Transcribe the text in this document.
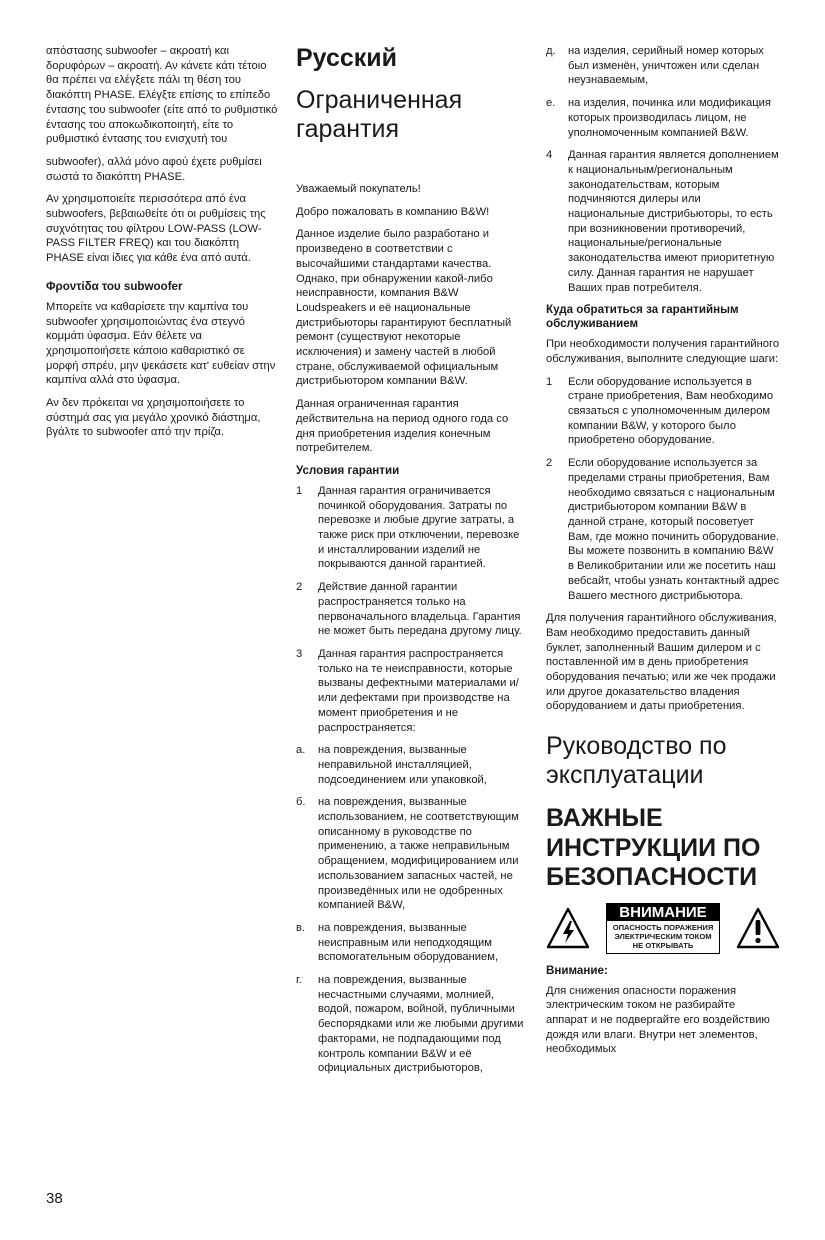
απόστασης subwoofer – ακροατή και δορυφόρων – ακροατή. Αν κάνετε κάτι τέτοιο θα πρέπει να ελέγξετε πάλι τη θέση του διακόπτη PHASE. Ελέγξτε επίσης το επίπεδο έντασης του subwoofer (είτε από το ρυθμιστικό έντασης του αποκωδικοποιητή, είτε το ρυθμιστικό έντασης του ενισχυτή του

subwoofer), αλλά μόνο αφού έχετε ρυθμίσει σωστά το διακόπτη PHASE.

Αν χρησιμοποιείτε περισσότερα από ένα subwoofers, βεβαιωθείτε ότι οι ρυθμίσεις της συχνότητας του φίλτρου LOW-PASS (LOW-PASS FILTER FREQ) και του διακόπτη PHASE είναι ίδιες για κάθε ένα από αυτά.

Φροντίδα του subwoofer

Μπορείτε να καθαρίσετε την καμπίνα του subwoofer χρησιμοποιώντας ένα στεγνό κομμάτι ύφασμα. Εάν θέλετε να χρησιμοποιήσετε κάποιο καθαριστικό σε μορφή σπρέυ, μην ψεκάσετε κατ' ευθείαν στην καμπίνα αλλά στο ύφασμα.

Αν δεν πρόκειται να χρησιμοποιήσετε το σύστημά σας για μεγάλο χρονικό διάστημα, βγάλτε το subwoofer από την πρίζα.

Русский
Ограниченная гарантия

Уважаемый покупатель!

Добро пожаловать в компанию B&W!

Данное изделие было разработано и произведено в соответствии с высочайшими стандартами качества. Однако, при обнаружении какой-либо неисправности, компания B&W Loudspeakers и её национальные дистрибьюторы гарантируют бесплатный ремонт (существуют некоторые исключения) и замену частей в любой стране, обслуживаемой официальным дистрибьютором компании B&W.

Данная ограниченная гарантия действительна на период одного года со дня приобретения изделия конечным потребителем.

Условия гарантии
1	Данная гарантия ограничивается починкой оборудования. Затраты по перевозке и любые другие затраты, а также риск при отключении, перевозке и инсталлировании изделий не покрываются данной гарантией.
2	Действие данной гарантии распространяется только на первоначального владельца. Гарантия не может быть передана другому лицу.
3	Данная гарантия распространяется только на те неисправности, которые вызваны дефектными материалами и/или дефектами при производстве на момент приобретения и не распространяется:
a.	на повреждения, вызванные неправильной инсталляцией, подсоединением или упаковкой,
б.	на повреждения, вызванные использованием, не соответствующим описанному в руководстве по применению, а также неправильным обращением, модифицированием или использованием запасных частей, не произведённых или не одобренных компанией B&W,
в.	на повреждения, вызванные неисправным или неподходящим вспомогательным оборудованием,
г.	на повреждения, вызванные несчастными случаями, молнией, водой, пожаром, войной, публичными беспорядками или же любыми другими факторами, не подпадающими под контроль компании B&W и её официальных дистрибьюторов,
д.	на изделия, серийный номер которых был изменён, уничтожен или сделан неузнаваемым,
е.	на изделия, починка или модификация которых производилась лицом, не уполномоченным компанией B&W.
4	Данная гарантия является дополнением к национальным/региональным законодательствам, которым подчиняются дилеры или национальные дистрибьюторы, то есть при возникновении противоречий, национальные/региональные законодательства имеют приоритетную силу. Данная гарантия не нарушает Ваших прав потребителя.
Куда обратиться за гарантийным обслуживанием

При необходимости получения гарантийного обслуживания, выполните следующие шаги:

1	Если оборудование используется в стране приобретения, Вам необходимо связаться с уполномоченным дилером компании B&W, у которого было приобретено оборудование.
2	Если оборудование используется за пределами страны приобретения, Вам необходимо связаться с национальным дистрибьютором компании B&W в данной стране, который посоветует Вам, где можно починить оборудование. Вы можете позвонить в компанию B&W в Великобритании или же посетить наш вебсайт, чтобы узнать контактный адрес Вашего местного дистрибьютора.

Для получения гарантийного обслуживания, Вам необходимо предоставить данный буклет, заполненный Вашим дилером и с поставленной им в день приобретения оборудования печатью; или же чек продажи или другое доказательство владения оборудованием и даты приобретения.

Руководство по эксплуатации
ВАЖНЫЕ ИНСТРУКЦИИ ПО БЕЗОПАСНОСТИ
ВНИМАНИЕ
ОПАСНОСТЬ ПОРАЖЕНИЯ
ЭЛЕКТРИЧЕСКИМ ТОКОМ
НЕ ОТКРЫВАТЬ
Внимание:

Для снижения опасности поражения электрическим током не разбирайте аппарат и не подвергайте его воздействию дождя или влаги. Внутри нет элементов, необходимых

38
